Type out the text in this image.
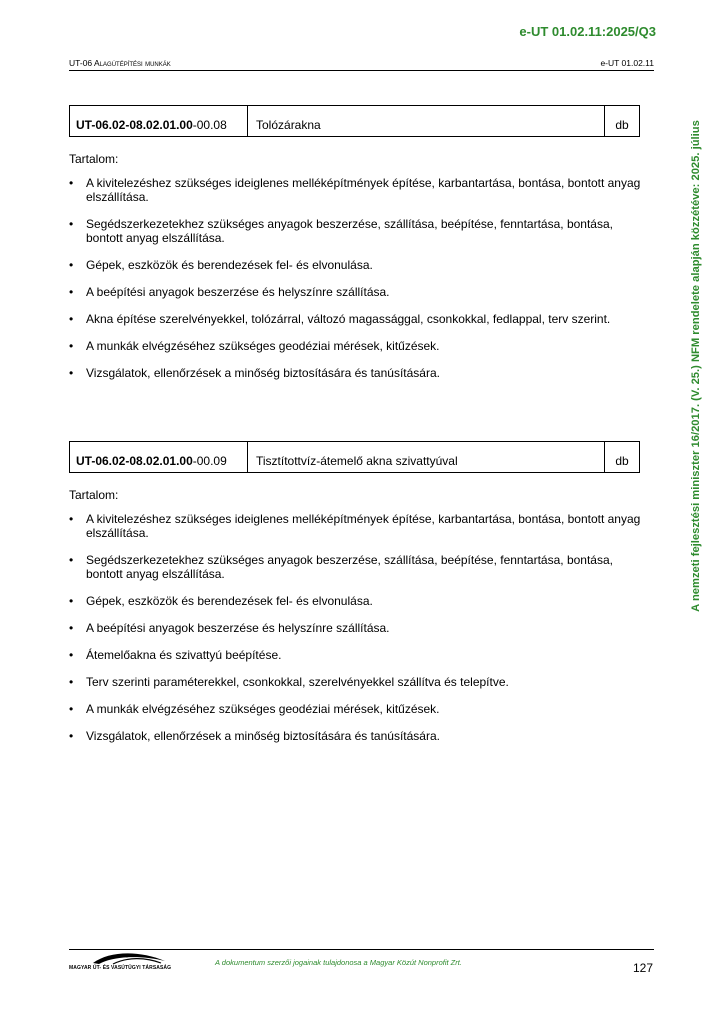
e-UT 01.02.11:2025/Q3
UT-06 Alagútépítési munkák	e-UT 01.02.11
A nemzeti fejlesztési miniszter 16/2017. (V. 25.) NFM rendelete alapján közzétéve: 2025. július
UT-06.02-08.02.01.00 -00.08	Tolózárakna	db
Tartalom:
• A kivitelezéshez szükséges ideiglenes melléképítmények építése, karbantartása, bontása, bontott anyag elszállítása.
• Segédszerkezetekhez szükséges anyagok beszerzése, szállítása, beépítése, fenntartása, bontása, bontott anyag elszállítása.
• Gépek, eszközök és berendezések fel- és elvonulása.
• A beépítési anyagok beszerzése és helyszínre szállítása.
• Akna építése szerelvényekkel, tolózárral, változó magassággal, csonkokkal, fedlappal, terv szerint.
• A munkák elvégzéséhez szükséges geodéziai mérések, kitűzések.
• Vizsgálatok, ellenőrzések a minőség biztosítására és tanúsítására.
UT-06.02-08.02.01.00 -00.09	Tisztítottvíz-átemelő akna szivattyúval	db
Tartalom:
• A kivitelezéshez szükséges ideiglenes melléképítmények építése, karbantartása, bontása, bontott anyag elszállítása.
• Segédszerkezetekhez szükséges anyagok beszerzése, szállítása, beépítése, fenntartása, bontása, bontott anyag elszállítása.
• Gépek, eszközök és berendezések fel- és elvonulása.
• A beépítési anyagok beszerzése és helyszínre szállítása.
• Átemelőakna és szivattyú beépítése.
• Terv szerinti paraméterekkel, csonkokkal, szerelvényekkel szállítva és telepítve.
• A munkák elvégzéséhez szükséges geodéziai mérések, kitűzések.
• Vizsgálatok, ellenőrzések a minőség biztosítására és tanúsítására.
MAGYAR ÚT- ÉS VASÚTÜGYI TÁRSASÁG
A dokumentum szerzői jogainak tulajdonosa a Magyar Közút Nonprofit Zrt.	127
